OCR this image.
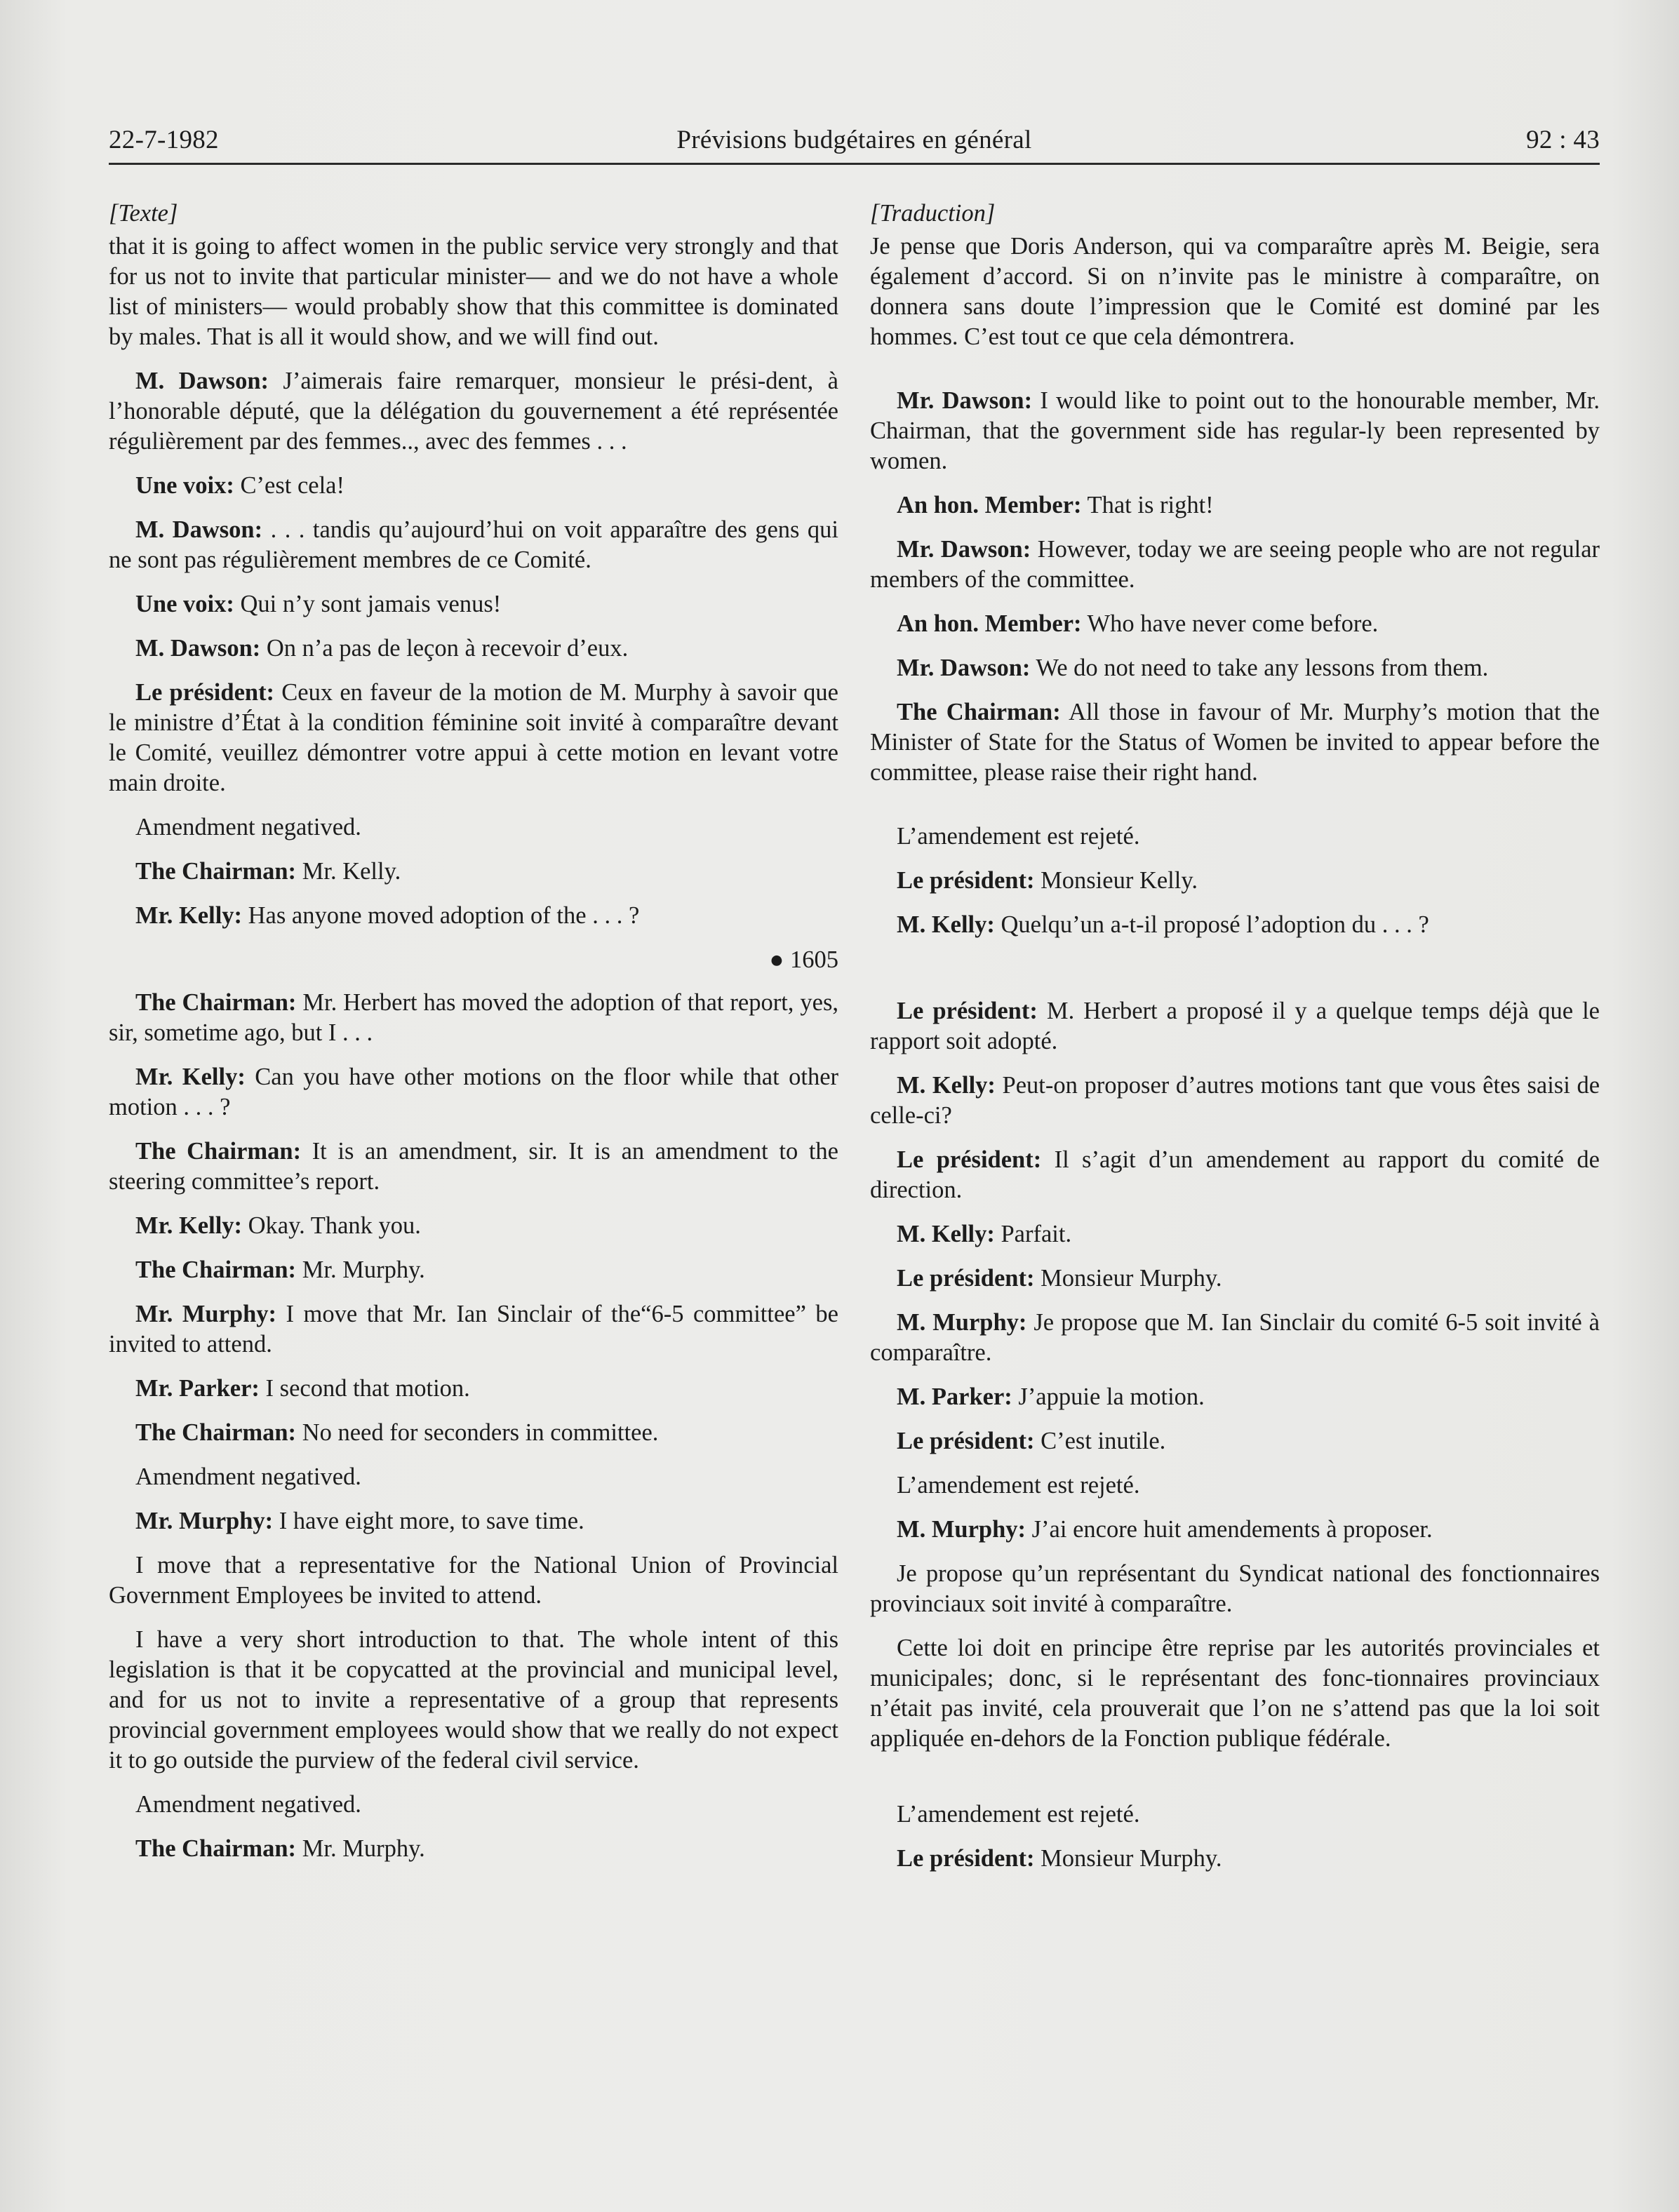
22-7-1982	Prévisions budgétaires en général	92 : 43
[Texte]

that it is going to affect women in the public service very strongly and that for us not to invite that particular minister— and we do not have a whole list of ministers— would probably show that this committee is dominated by males. That is all it would show, and we will find out.

M. Dawson: J’aimerais faire remarquer, monsieur le prési-dent, à l’honorable député, que la délégation du gouvernement a été représentée régulièrement par des femmes.., avec des femmes . . .

Une voix: C’est cela!

M. Dawson: . . . tandis qu’aujourd’hui on voit apparaître des gens qui ne sont pas régulièrement membres de ce Comité.

Une voix: Qui n’y sont jamais venus!

M. Dawson: On n’a pas de leçon à recevoir d’eux.

Le président: Ceux en faveur de la motion de M. Murphy à savoir que le ministre d’État à la condition féminine soit invité à comparaître devant le Comité, veuillez démontrer votre appui à cette motion en levant votre main droite.

Amendment negatived.

The Chairman: Mr. Kelly.

Mr. Kelly: Has anyone moved adoption of the . . . ?

● 1605

The Chairman: Mr. Herbert has moved the adoption of that report, yes, sir, sometime ago, but I . . .

Mr. Kelly: Can you have other motions on the floor while that other motion . . . ?

The Chairman: It is an amendment, sir. It is an amendment to the steering committee’s report.

Mr. Kelly: Okay. Thank you.

The Chairman: Mr. Murphy.

Mr. Murphy: I move that Mr. Ian Sinclair of the“6-5 committee” be invited to attend.

Mr. Parker: I second that motion.

The Chairman: No need for seconders in committee.

Amendment negatived.

Mr. Murphy: I have eight more, to save time.

I move that a representative for the National Union of Provincial Government Employees be invited to attend.

I have a very short introduction to that. The whole intent of this legislation is that it be copycatted at the provincial and municipal level, and for us not to invite a representative of a group that represents provincial government employees would show that we really do not expect it to go outside the purview of the federal civil service.

Amendment negatived.

The Chairman: Mr. Murphy.

[Traduction]

Je pense que Doris Anderson, qui va comparaître après M. Beigie, sera également d’accord. Si on n’invite pas le ministre à comparaître, on donnera sans doute l’impression que le Comité est dominé par les hommes. C’est tout ce que cela démontrera.

Mr. Dawson: I would like to point out to the honourable member, Mr. Chairman, that the government side has regular-ly been represented by women.

An hon. Member: That is right!

Mr. Dawson: However, today we are seeing people who are not regular members of the committee.

An hon. Member: Who have never come before.

Mr. Dawson: We do not need to take any lessons from them.

The Chairman: All those in favour of Mr. Murphy’s motion that the Minister of State for the Status of Women be invited to appear before the committee, please raise their right hand.

L’amendement est rejeté.

Le président: Monsieur Kelly.

M. Kelly: Quelqu’un a-t-il proposé l’adoption du . . . ?

Le président: M. Herbert a proposé il y a quelque temps déjà que le rapport soit adopté.

M. Kelly: Peut-on proposer d’autres motions tant que vous êtes saisi de celle-ci?

Le président: Il s’agit d’un amendement au rapport du comité de direction.

M. Kelly: Parfait.

Le président: Monsieur Murphy.

M. Murphy: Je propose que M. Ian Sinclair du comité 6-5 soit invité à comparaître.

M. Parker: J’appuie la motion.

Le président: C’est inutile.

L’amendement est rejeté.

M. Murphy: J’ai encore huit amendements à proposer.

Je propose qu’un représentant du Syndicat national des fonctionnaires provinciaux soit invité à comparaître.

Cette loi doit en principe être reprise par les autorités provinciales et municipales; donc, si le représentant des fonc-tionnaires provinciaux n’était pas invité, cela prouverait que l’on ne s’attend pas que la loi soit appliquée en-dehors de la Fonction publique fédérale.

L’amendement est rejeté.

Le président: Monsieur Murphy.
